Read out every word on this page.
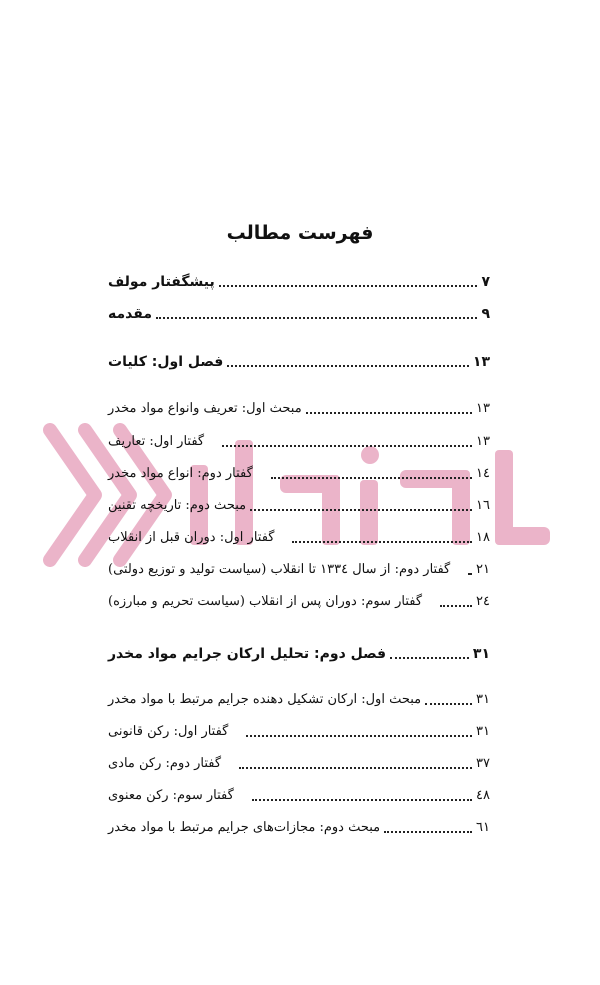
فهرست مطالب
پیشگفتار مولف	۷
مقدمه	۹
فصل اول: کلیات	۱۳
مبحث اول: تعریف وانواع مواد مخدر	۱۳
گفتار اول: تعاریف	۱۳
گفتار دوم: انواع مواد مخدر	۱٤
مبحث دوم: تاریخچه تقنین	۱٦
گفتار اول: دوران قبل از انقلاب	۱۸
گفتار دوم: از سال ۱۳۳٤ تا انقلاب (سیاست تولید و توزیع دولتی) ۲۱
گفتار سوم: دوران پس از انقلاب (سیاست تحریم و مبارزه)	۲٤
فصل دوم: تحلیل ارکان جرایم مواد مخدر	۳۱
مبحث اول: ارکان تشکیل دهنده جرایم مرتبط با مواد مخدر	۳۱
گفتار اول: رکن قانونی	۳۱
گفتار دوم: رکن مادی	۳۷
گفتار سوم: رکن معنوی	٤۸
مبحث دوم: مجازات‌های جرایم مرتبط با مواد مخدر	٦۱
